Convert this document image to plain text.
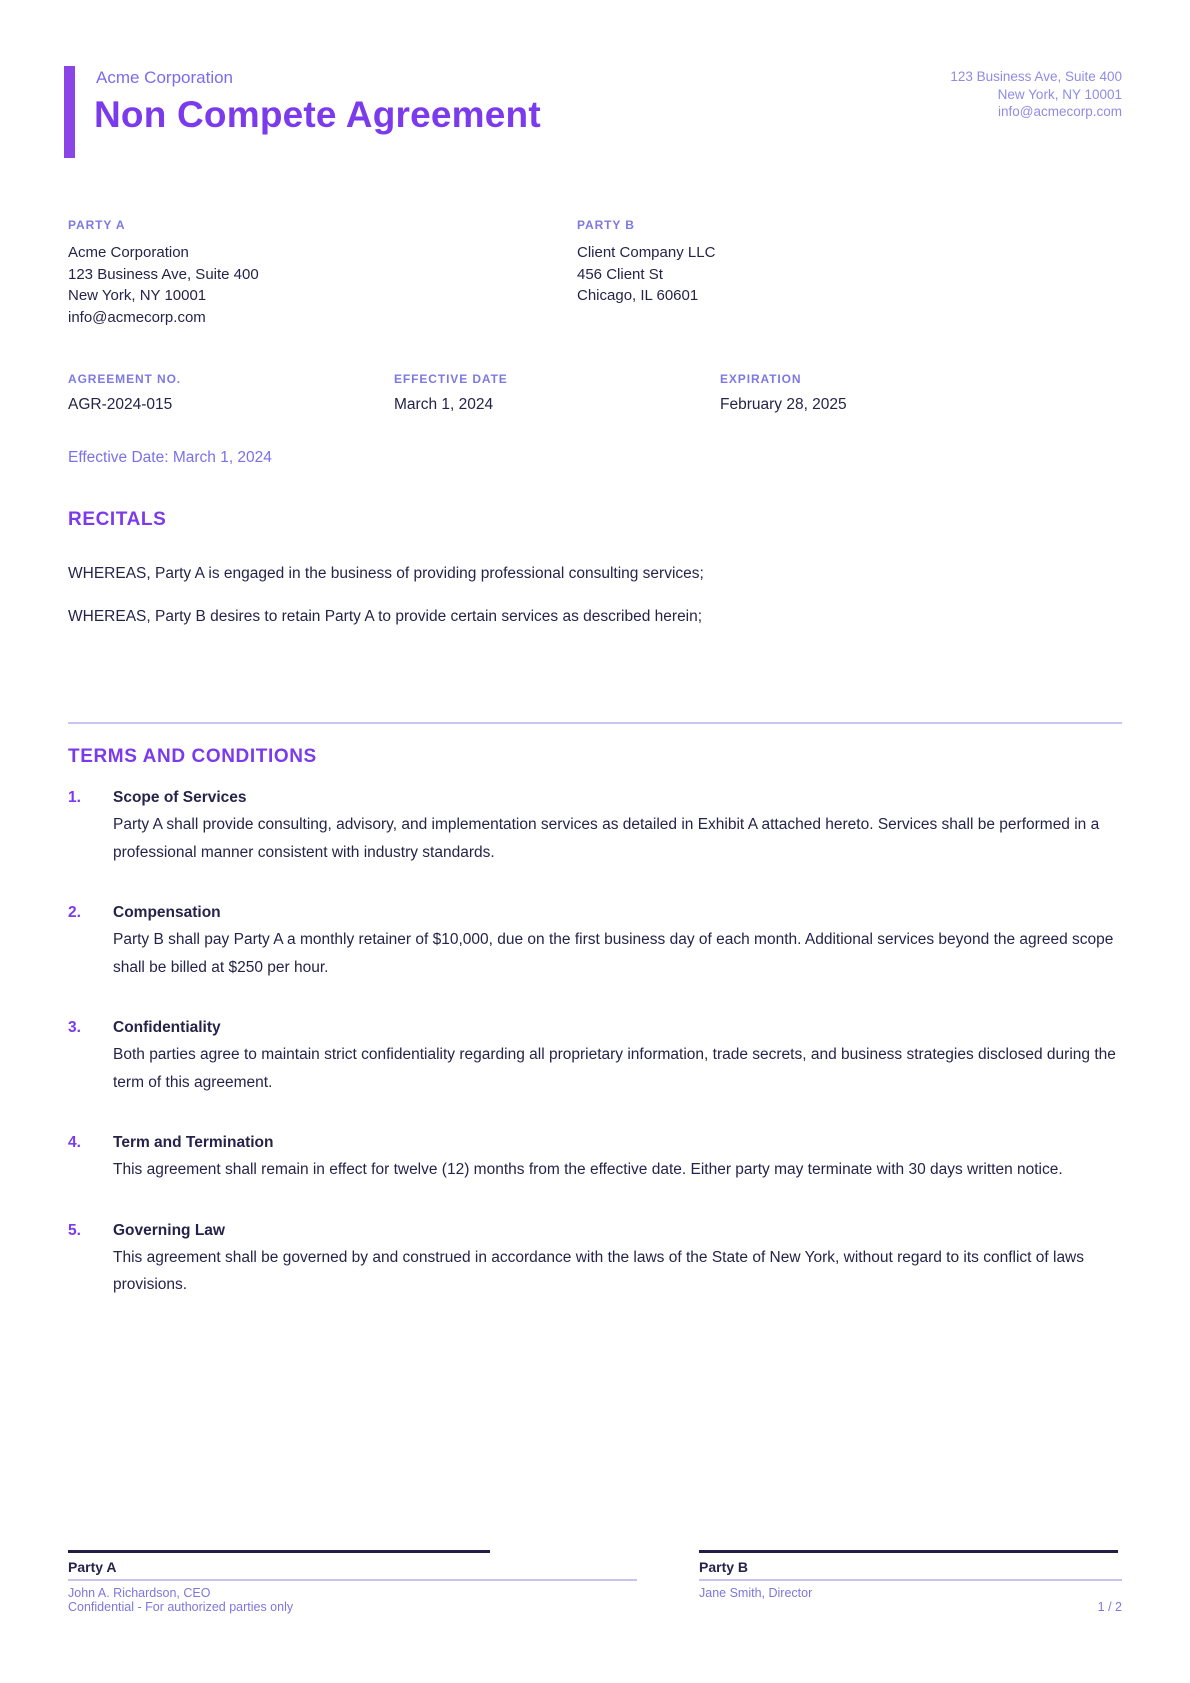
Acme Corporation
Non Compete Agreement
123 Business Ave, Suite 400
New York, NY 10001
info@acmecorp.com
PARTY A
Acme Corporation
123 Business Ave, Suite 400
New York, NY 10001
info@acmecorp.com
PARTY B
Client Company LLC
456 Client St
Chicago, IL 60601
AGREEMENT NO.
AGR-2024-015
EFFECTIVE DATE
March 1, 2024
EXPIRATION
February 28, 2025
Effective Date: March 1, 2024
RECITALS
WHEREAS, Party A is engaged in the business of providing professional consulting services;
WHEREAS, Party B desires to retain Party A to provide certain services as described herein;
TERMS AND CONDITIONS
1.	Scope of Services
Party A shall provide consulting, advisory, and implementation services as detailed in Exhibit A attached hereto. Services shall be performed in a professional manner consistent with industry standards.
2.	Compensation
Party B shall pay Party A a monthly retainer of $10,000, due on the first business day of each month. Additional services beyond the agreed scope shall be billed at $250 per hour.
3.	Confidentiality
Both parties agree to maintain strict confidentiality regarding all proprietary information, trade secrets, and business strategies disclosed during the term of this agreement.
4.	Term and Termination
This agreement shall remain in effect for twelve (12) months from the effective date. Either party may terminate with 30 days written notice.
5.	Governing Law
This agreement shall be governed by and construed in accordance with the laws of the State of New York, without regard to its conflict of laws provisions.
Party A
John A. Richardson, CEO
Confidential - For authorized parties only
Party B
Jane Smith, Director
1 / 2
